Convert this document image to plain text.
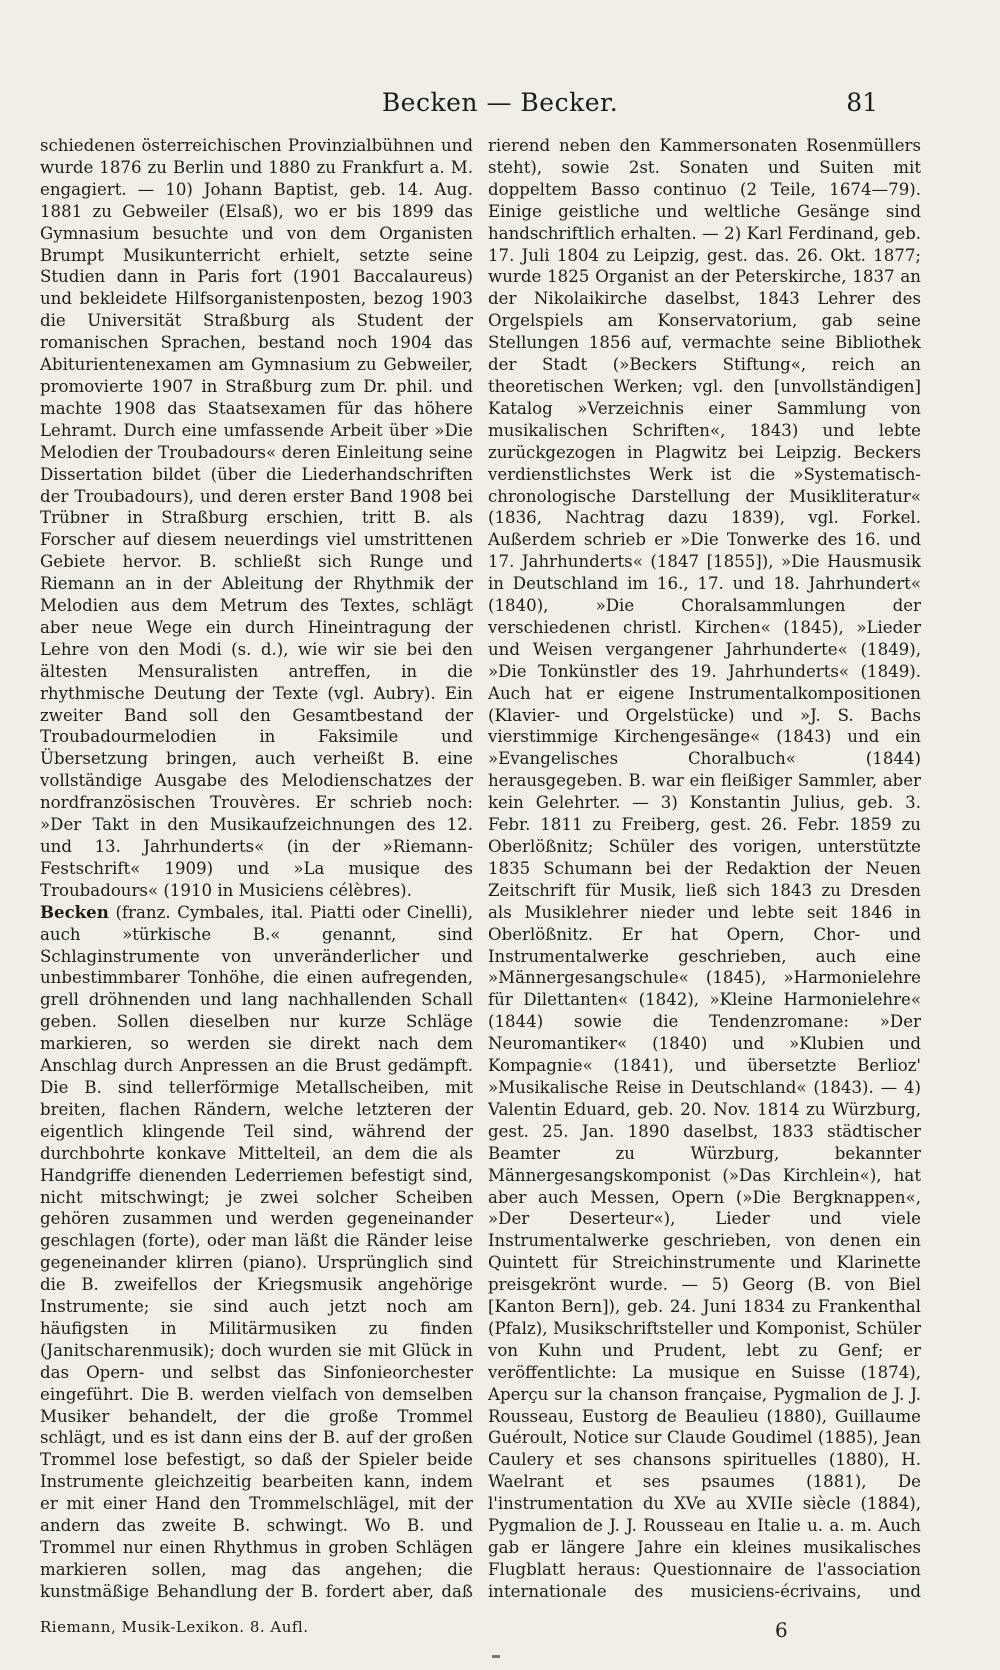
Becken — Becker.	81

schiedenen österreichischen Provinzialbühnen und wurde 1876 zu Berlin und 1880 zu Frankfurt a. M. engagiert. — 10) Johann Baptist, geb. 14. Aug. 1881 zu Gebweiler (Elsaß), wo er bis 1899 das Gymnasium besuchte und von dem Organisten Brumpt Musikunterricht erhielt, setzte seine Studien dann in Paris fort (1901 Baccalaureus) und bekleidete Hilfsorganistenposten, bezog 1903 die Universität Straßburg als Student der romanischen Sprachen, bestand noch 1904 das Abiturientenexamen am Gymnasium zu Gebweiler, promovierte 1907 in Straßburg zum Dr. phil. und machte 1908 das Staatsexamen für das höhere Lehramt. Durch eine umfassende Arbeit über »Die Melodien der Troubadours« deren Einleitung seine Dissertation bildet (über die Liederhandschriften der Troubadours), und deren erster Band 1908 bei Trübner in Straßburg erschien, tritt B. als Forscher auf diesem neuerdings viel umstrittenen Gebiete hervor. B. schließt sich Runge und Riemann an in der Ableitung der Rhythmik der Melodien aus dem Metrum des Textes, schlägt aber neue Wege ein durch Hineintragung der Lehre von den Modi (s. d.), wie wir sie bei den ältesten Mensuralisten antreffen, in die rhythmische Deutung der Texte (vgl. Aubry). Ein zweiter Band soll den Gesamtbestand der Troubadourmelodien in Faksimile und Übersetzung bringen, auch verheißt B. eine vollständige Ausgabe des Melodienschatzes der nordfranzösischen Trouvères. Er schrieb noch: »Der Takt in den Musikaufzeichnungen des 12. und 13. Jahrhunderts« (in der »Riemann-Festschrift« 1909) und »La musique des Troubadours« (1910 in Musiciens célèbres).

Becken (franz. Cymbales, ital. Piatti oder Cinelli), auch »türkische B.« genannt, sind Schlaginstrumente von unveränderlicher und unbestimmbarer Tonhöhe, die einen aufregenden, grell dröhnenden und lang nachhallenden Schall geben. Sollen dieselben nur kurze Schläge markieren, so werden sie direkt nach dem Anschlag durch Anpressen an die Brust gedämpft. Die B. sind tellerförmige Metallscheiben, mit breiten, flachen Rändern, welche letzteren der eigentlich klingende Teil sind, während der durchbohrte konkave Mittelteil, an dem die als Handgriffe dienenden Lederriemen befestigt sind, nicht mitschwingt; je zwei solcher Scheiben gehören zusammen und werden gegeneinander geschlagen (forte), oder man läßt die Ränder leise gegeneinander klirren (piano). Ursprünglich sind die B. zweifellos der Kriegsmusik angehörige Instrumente; sie sind auch jetzt noch am häufigsten in Militärmusiken zu finden (Janitscharenmusik); doch wurden sie mit Glück in das Opern- und selbst das Sinfonieorchester eingeführt. Die B. werden vielfach von demselben Musiker behandelt, der die große Trommel schlägt, und es ist dann eins der B. auf der großen Trommel lose befestigt, so daß der Spieler beide Instrumente gleichzeitig bearbeiten kann, indem er mit einer Hand den Trommelschlägel, mit der andern das zweite B. schwingt. Wo B. und Trommel nur einen Rhythmus in groben Schlägen markieren sollen, mag das angehen; die kunstmäßige Behandlung der B. fordert aber, daß

rierend neben den Kammersonaten Rosenmüllers steht), sowie 2st. Sonaten und Suiten mit doppeltem Basso continuo (2 Teile, 1674—79). Einige geistliche und weltliche Gesänge sind handschriftlich erhalten. — 2) Karl Ferdinand, geb. 17. Juli 1804 zu Leipzig, gest. das. 26. Okt. 1877; wurde 1825 Organist an der Peterskirche, 1837 an der Nikolaikirche daselbst, 1843 Lehrer des Orgelspiels am Konservatorium, gab seine Stellungen 1856 auf, vermachte seine Bibliothek der Stadt (»Beckers Stiftung«, reich an theoretischen Werken; vgl. den [unvollständigen] Katalog »Verzeichnis einer Sammlung von musikalischen Schriften«, 1843) und lebte zurückgezogen in Plagwitz bei Leipzig. Beckers verdienstlichstes Werk ist die »Systematisch-chronologische Darstellung der Musikliteratur« (1836, Nachtrag dazu 1839), vgl. Forkel. Außerdem schrieb er »Die Tonwerke des 16. und 17. Jahrhunderts« (1847 [1855]), »Die Hausmusik in Deutschland im 16., 17. und 18. Jahrhundert« (1840), »Die Choralsammlungen der verschiedenen christl. Kirchen« (1845), »Lieder und Weisen vergangener Jahrhunderte« (1849), »Die Tonkünstler des 19. Jahrhunderts« (1849). Auch hat er eigene Instrumentalkompositionen (Klavier- und Orgelstücke) und »J. S. Bachs vierstimmige Kirchengesänge« (1843) und ein »Evangelisches Choralbuch« (1844) herausgegeben. B. war ein fleißiger Sammler, aber kein Gelehrter. — 3) Konstantin Julius, geb. 3. Febr. 1811 zu Freiberg, gest. 26. Febr. 1859 zu Oberlößnitz; Schüler des vorigen, unterstützte 1835 Schumann bei der Redaktion der Neuen Zeitschrift für Musik, ließ sich 1843 zu Dresden als Musiklehrer nieder und lebte seit 1846 in Oberlößnitz. Er hat Opern, Chor- und Instrumentalwerke geschrieben, auch eine »Männergesangschule« (1845), »Harmonielehre für Dilettanten« (1842), »Kleine Harmonielehre« (1844) sowie die Tendenzromane: »Der Neuromantiker« (1840) und »Klubien und Kompagnie« (1841), und übersetzte Berlioz' »Musikalische Reise in Deutschland« (1843). — 4) Valentin Eduard, geb. 20. Nov. 1814 zu Würzburg, gest. 25. Jan. 1890 daselbst, 1833 städtischer Beamter zu Würzburg, bekannter Männergesangskomponist (»Das Kirchlein«), hat aber auch Messen, Opern (»Die Bergknappen«, »Der Deserteur«), Lieder und viele Instrumentalwerke geschrieben, von denen ein Quintett für Streichinstrumente und Klarinette preisgekrönt wurde. — 5) Georg (B. von Biel [Kanton Bern]), geb. 24. Juni 1834 zu Frankenthal (Pfalz), Musikschriftsteller und Komponist, Schüler von Kuhn und Prudent, lebt zu Genf; er veröffentlichte: La musique en Suisse (1874), Aperçu sur la chanson française, Pygmalion de J. J. Rousseau, Eustorg de Beaulieu (1880), Guillaume Guéroult, Notice sur Claude Goudimel (1885), Jean Caulery et ses chansons spirituelles (1880), H. Waelrant et ses psaumes (1881), De l'instrumentation du XVe au XVIIe siècle (1884), Pygmalion de J. J. Rousseau en Italie u. a. m. Auch gab er längere Jahre ein kleines musikalisches Flugblatt heraus: Questionnaire de l'association internationale des musiciens-écrivains, und

Riemann, Musik-Lexikon. 8. Aufl.	6
